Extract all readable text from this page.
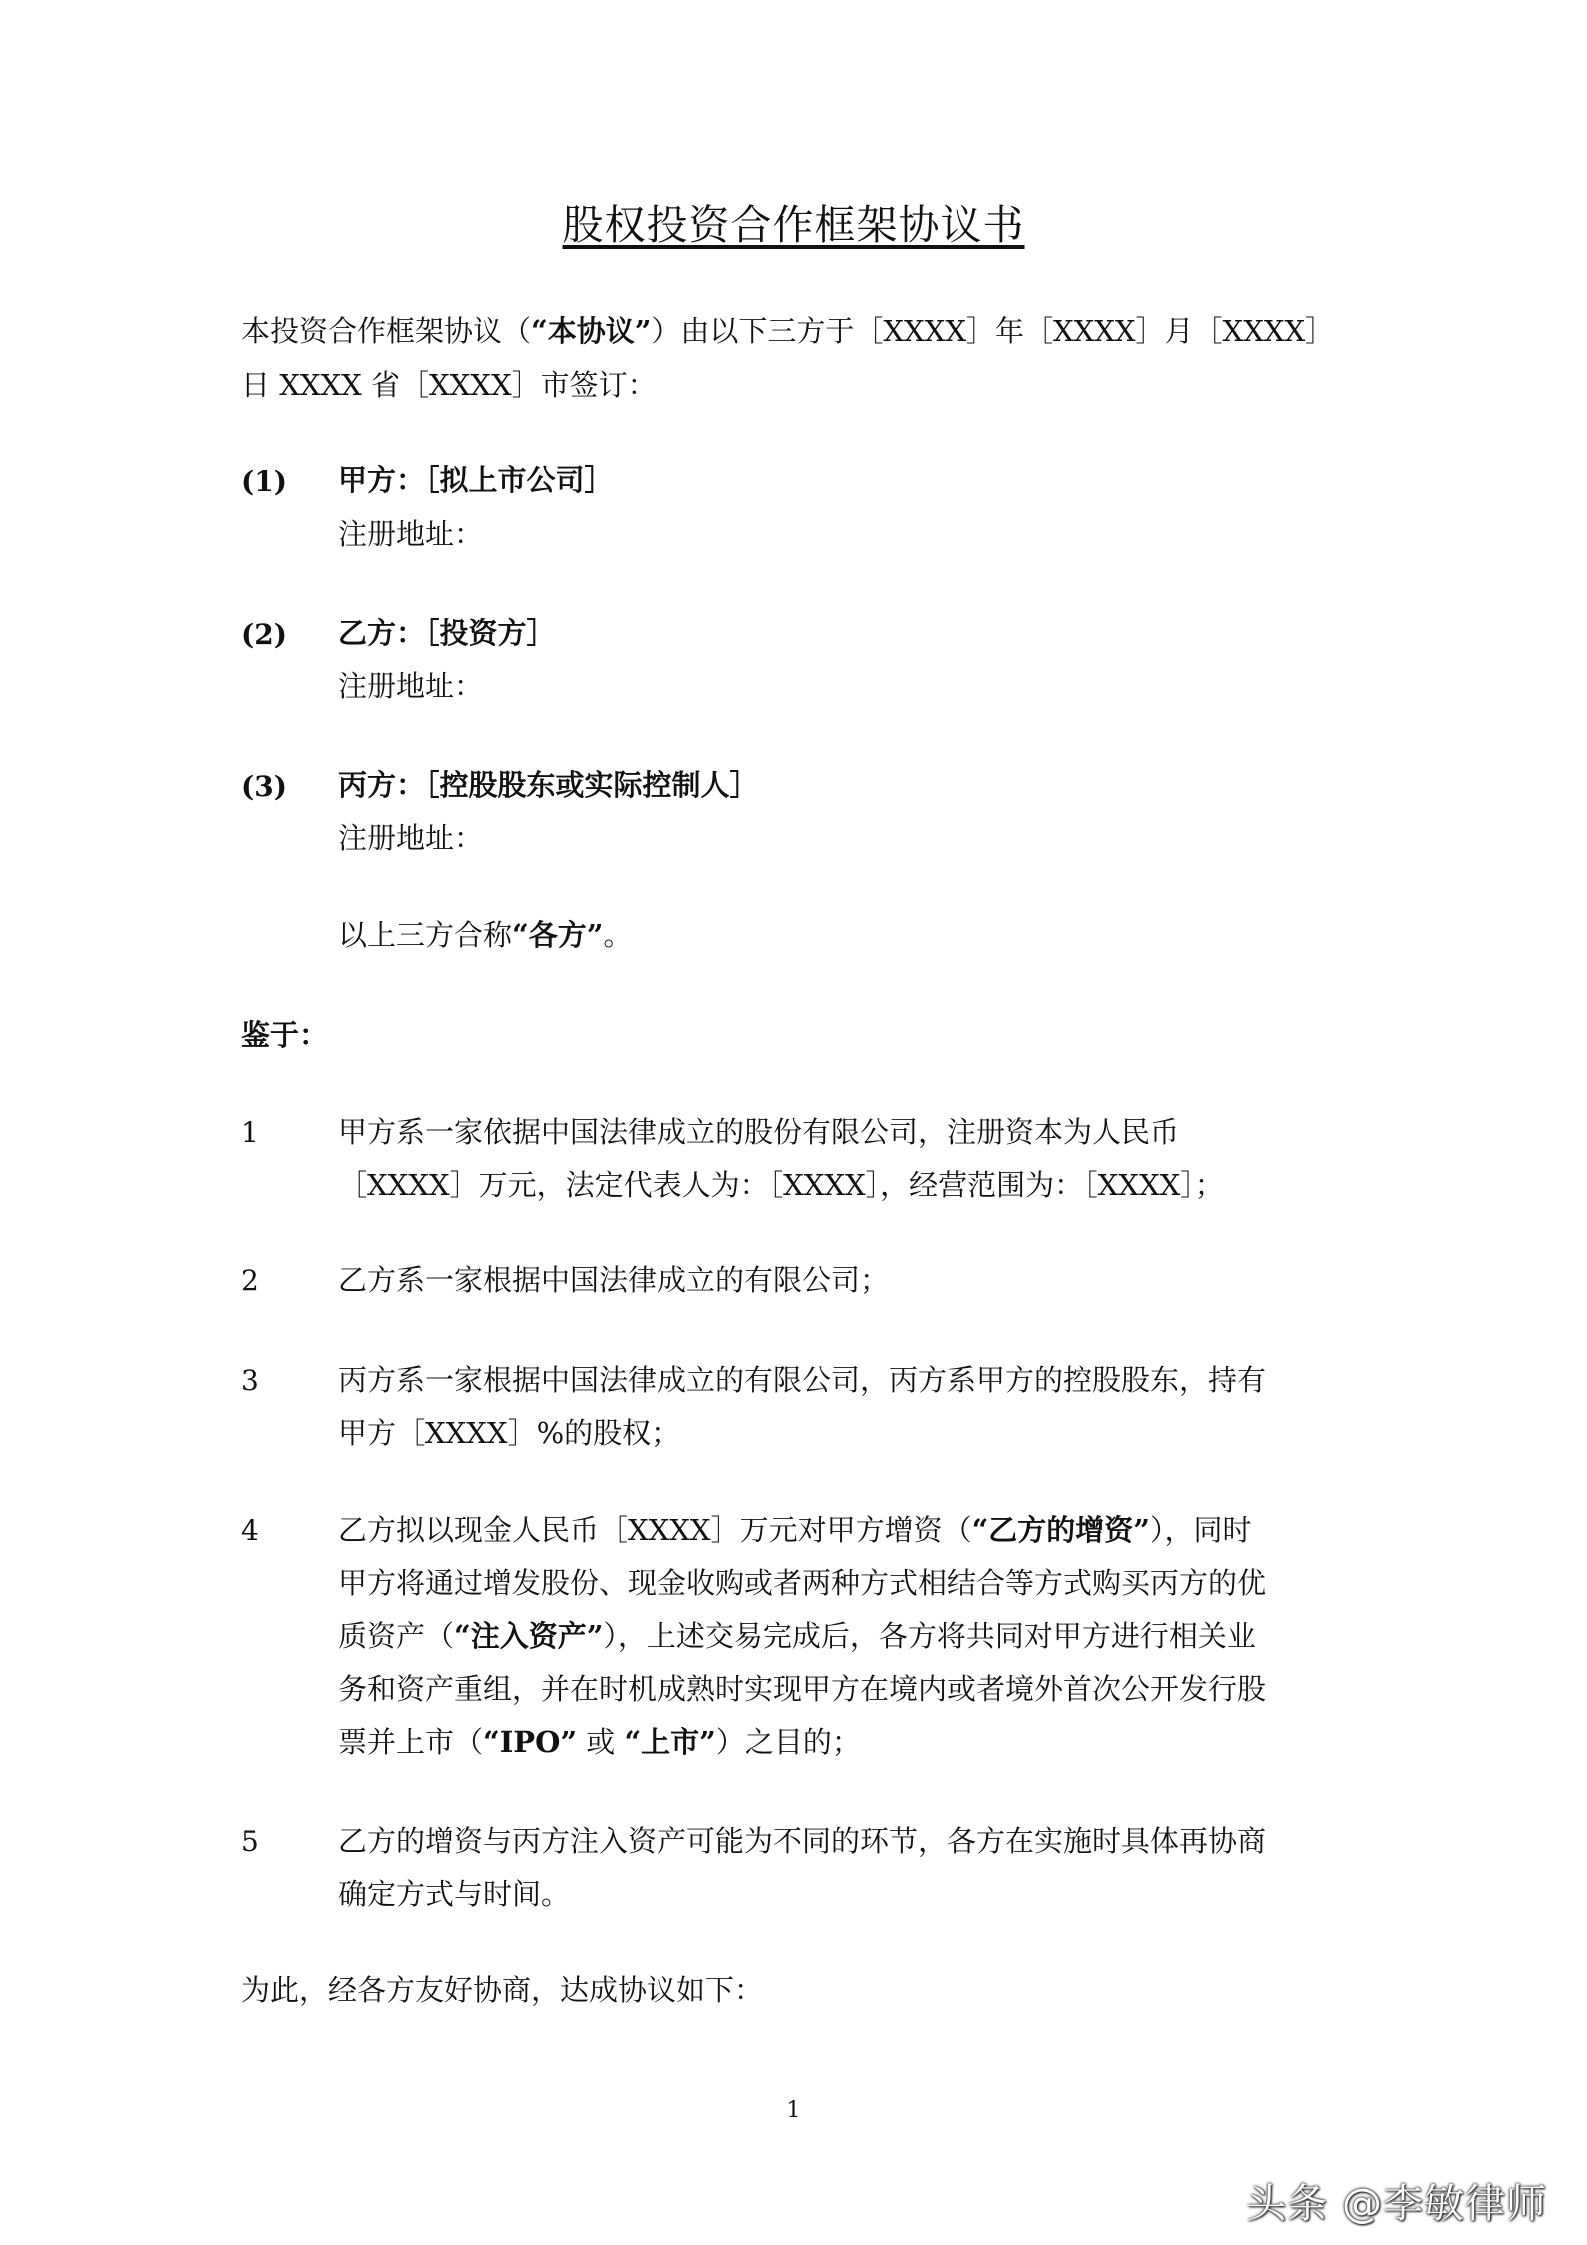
股权投资合作框架协议书
本投资合作框架协议（“本协议”）由以下三方于［XXXX］年［XXXX］月［XXXX］
日 XXXX 省［XXXX］市签订：
(1) 甲方：［拟上市公司］
注册地址：
(2) 乙方：［投资方］
注册地址：
(3) 丙方：［控股股东或实际控制人］
注册地址：
以上三方合称“各方”。
鉴于：
1	甲方系一家依据中国法律成立的股份有限公司，注册资本为人民币
［XXXX］万元，法定代表人为：［XXXX］，经营范围为：［XXXX］；
2	乙方系一家根据中国法律成立的有限公司；
3	丙方系一家根据中国法律成立的有限公司，丙方系甲方的控股股东，持有
甲方［XXXX］%的股权；
4	乙方拟以现金人民币［XXXX］万元对甲方增资（“乙方的增资”），同时
甲方将通过增发股份、现金收购或者两种方式相结合等方式购买丙方的优
质资产（“注入资产”），上述交易完成后，各方将共同对甲方进行相关业
务和资产重组，并在时机成熟时实现甲方在境内或者境外首次公开发行股
票并上市（“IPO” 或 “上市”）之目的；
5	乙方的增资与丙方注入资产可能为不同的环节，各方在实施时具体再协商
确定方式与时间。
为此，经各方友好协商，达成协议如下：
1
头条 @李敏律师
